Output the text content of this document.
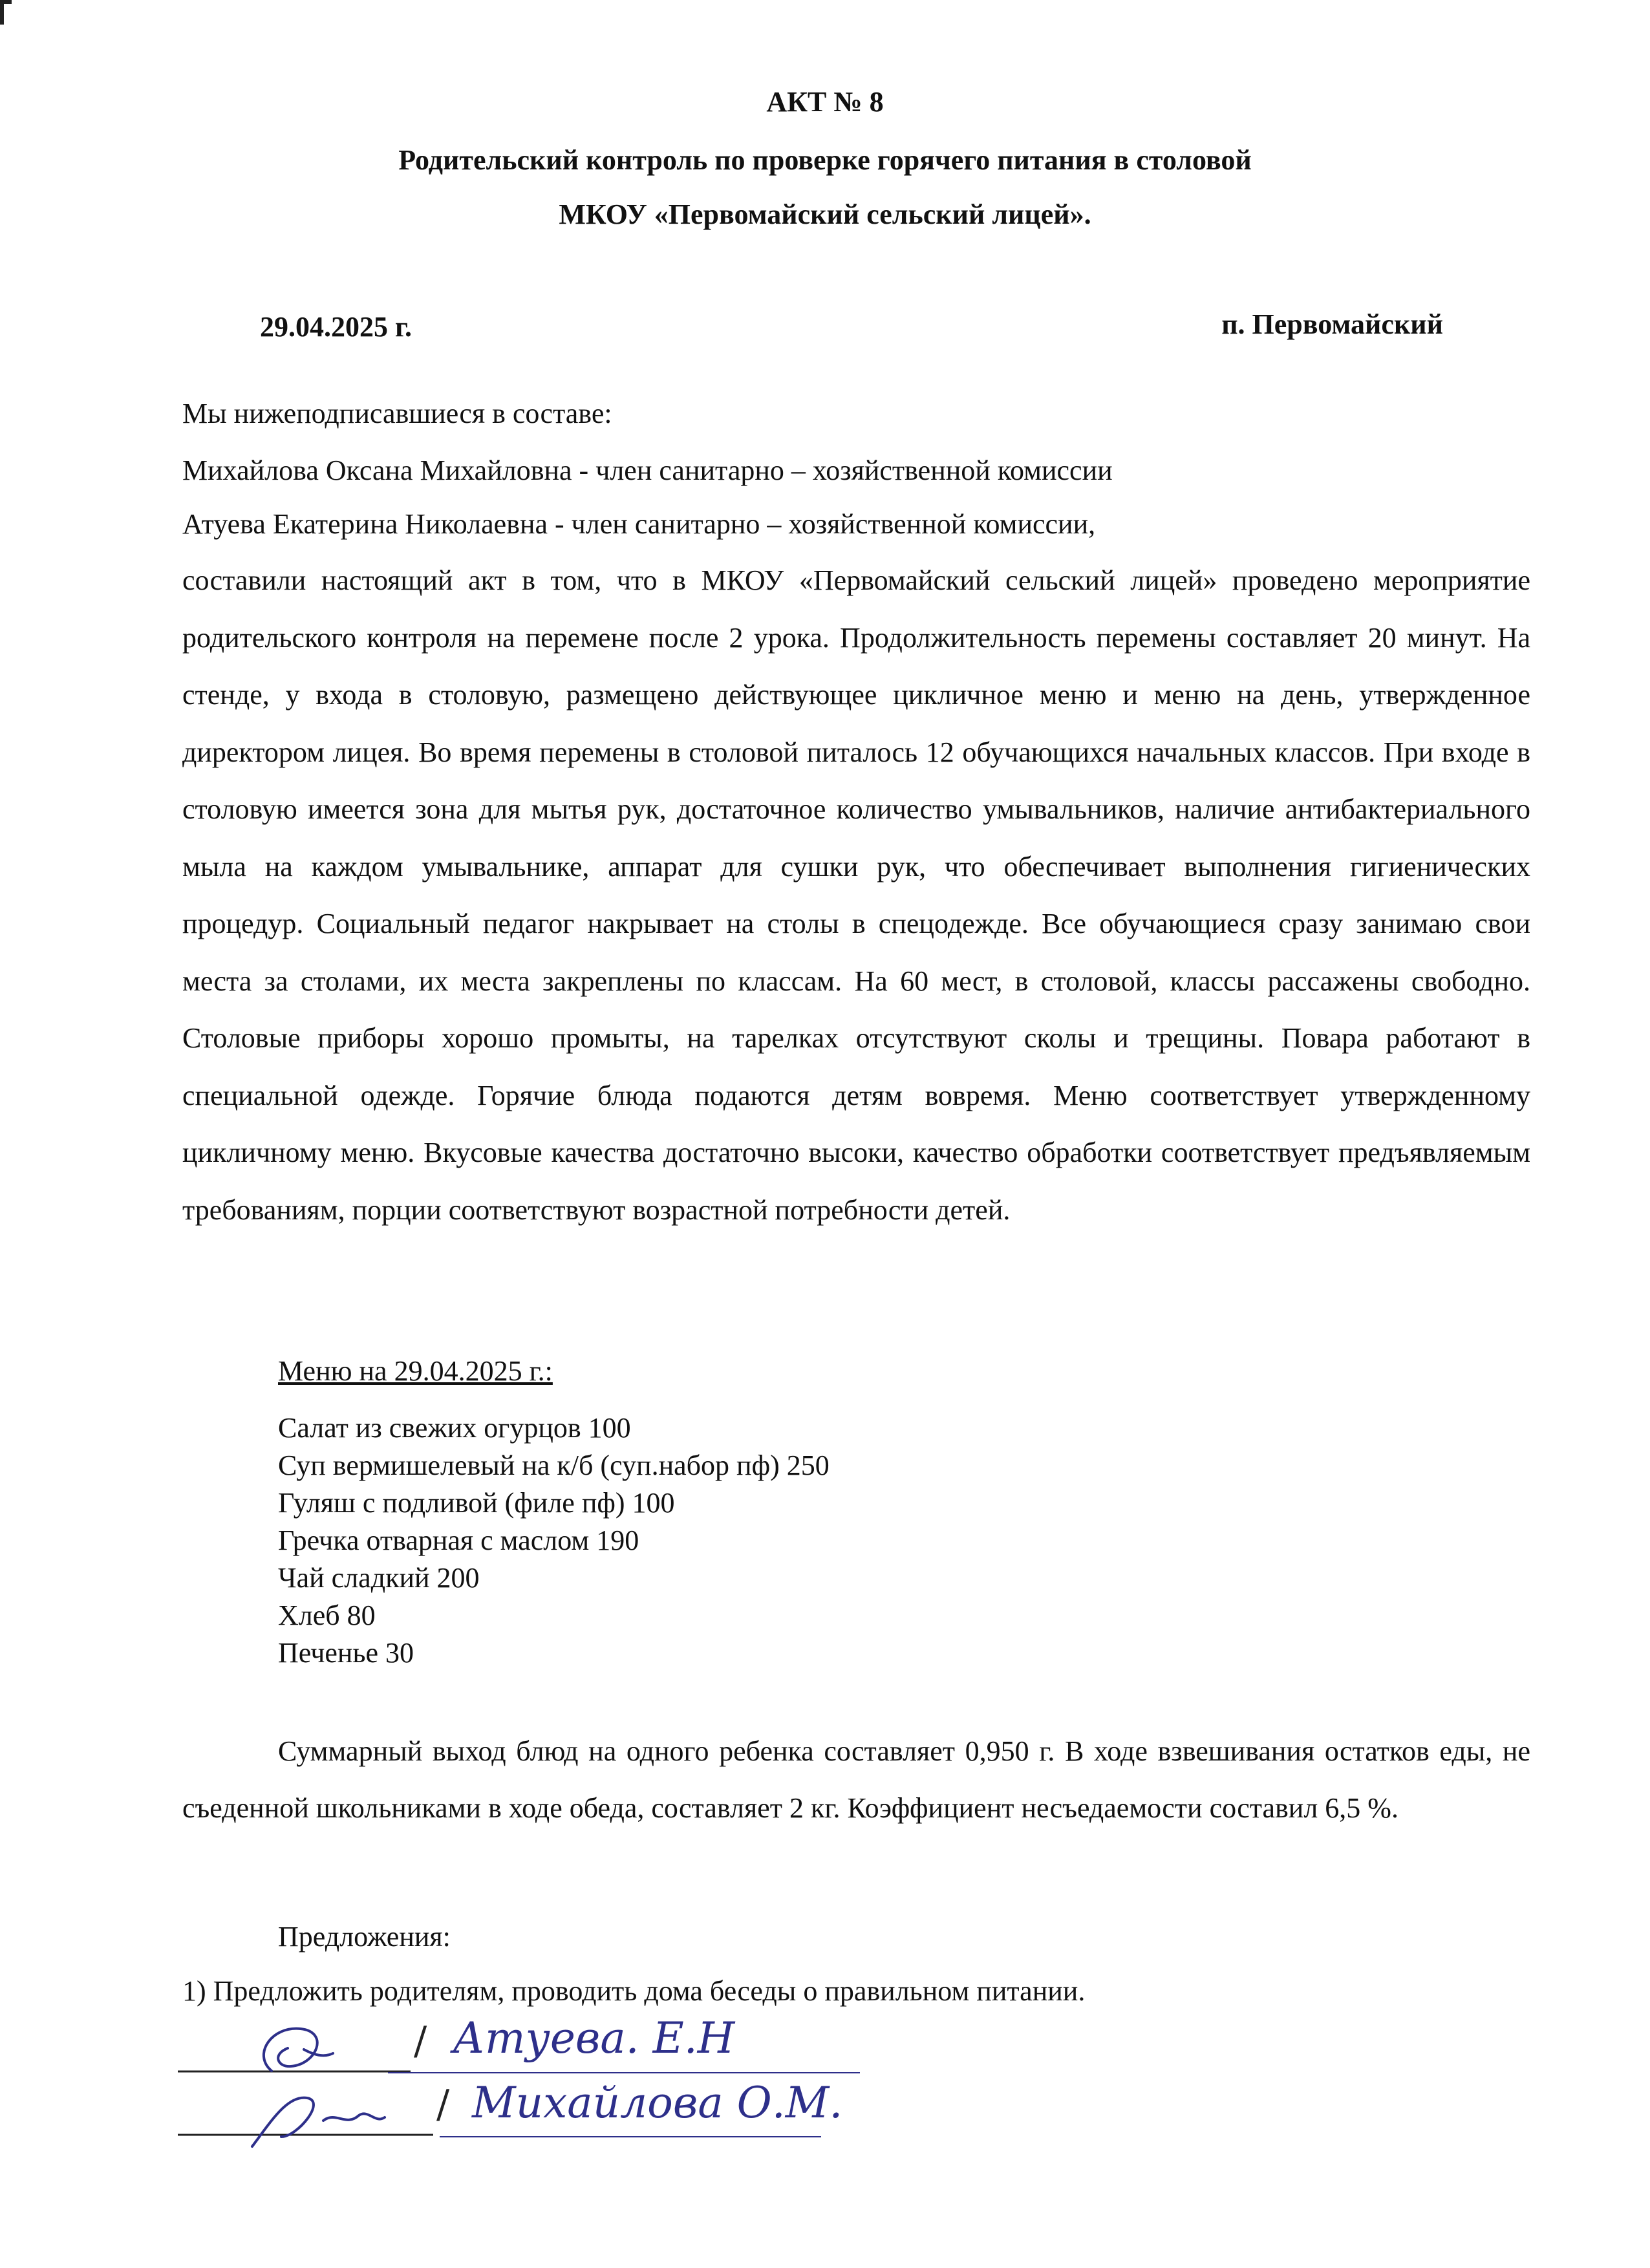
АКТ № 8
Родительский контроль по проверке горячего питания в столовой
МКОУ «Первомайский сельский лицей».
29.04.2025 г.	п. Первомайский
Мы нижеподписавшиеся в составе:
Михайлова Оксана Михайловна - член санитарно – хозяйственной комиссии
Атуева Екатерина Николаевна - член санитарно – хозяйственной комиссии,

составили настоящий акт в том, что в МКОУ «Первомайский сельский лицей» проведено мероприятие родительского контроля на перемене после 2 урока. Продолжительность перемены составляет 20 минут. На стенде, у входа в столовую, размещено действующее цикличное меню и меню на день, утвержденное директором лицея. Во время перемены в столовой питалось 12 обучающихся начальных классов. При входе в столовую имеется зона для мытья рук, достаточное количество умывальников, наличие антибактериального мыла на каждом умывальнике, аппарат для сушки рук, что обеспечивает выполнения гигиенических процедур. Социальный педагог накрывает на столы в спецодежде. Все обучающиеся сразу занимаю свои места за столами, их места закреплены по классам. На 60 мест, в столовой, классы рассажены свободно. Столовые приборы хорошо промыты, на тарелках отсутствуют сколы и трещины. Повара работают в специальной одежде. Горячие блюда подаются детям вовремя. Меню соответствует утвержденному цикличному меню. Вкусовые качества достаточно высоки, качество обработки соответствует предъявляемым требованиям, порции соответствуют возрастной потребности детей.

Меню на 29.04.2025 г.:
Салат из свежих огурцов 100
Суп вермишелевый на к/б (суп.набор пф) 250
Гуляш с подливой (филе пф) 100
Гречка отварная с маслом 190
Чай сладкий 200
Хлеб 80
Печенье 30

Суммарный выход блюд на одного ребенка составляет 0,950 г. В ходе взвешивания остатков еды, не съеденной школьниками в ходе обеда, составляет 2 кг. Коэффициент несъедаемости составил 6,5 %.

Предложения:
1) Предложить родителям, проводить дома беседы о правильном питании.
/ Атуева. Е.Н
/ Михайлова О.М.
